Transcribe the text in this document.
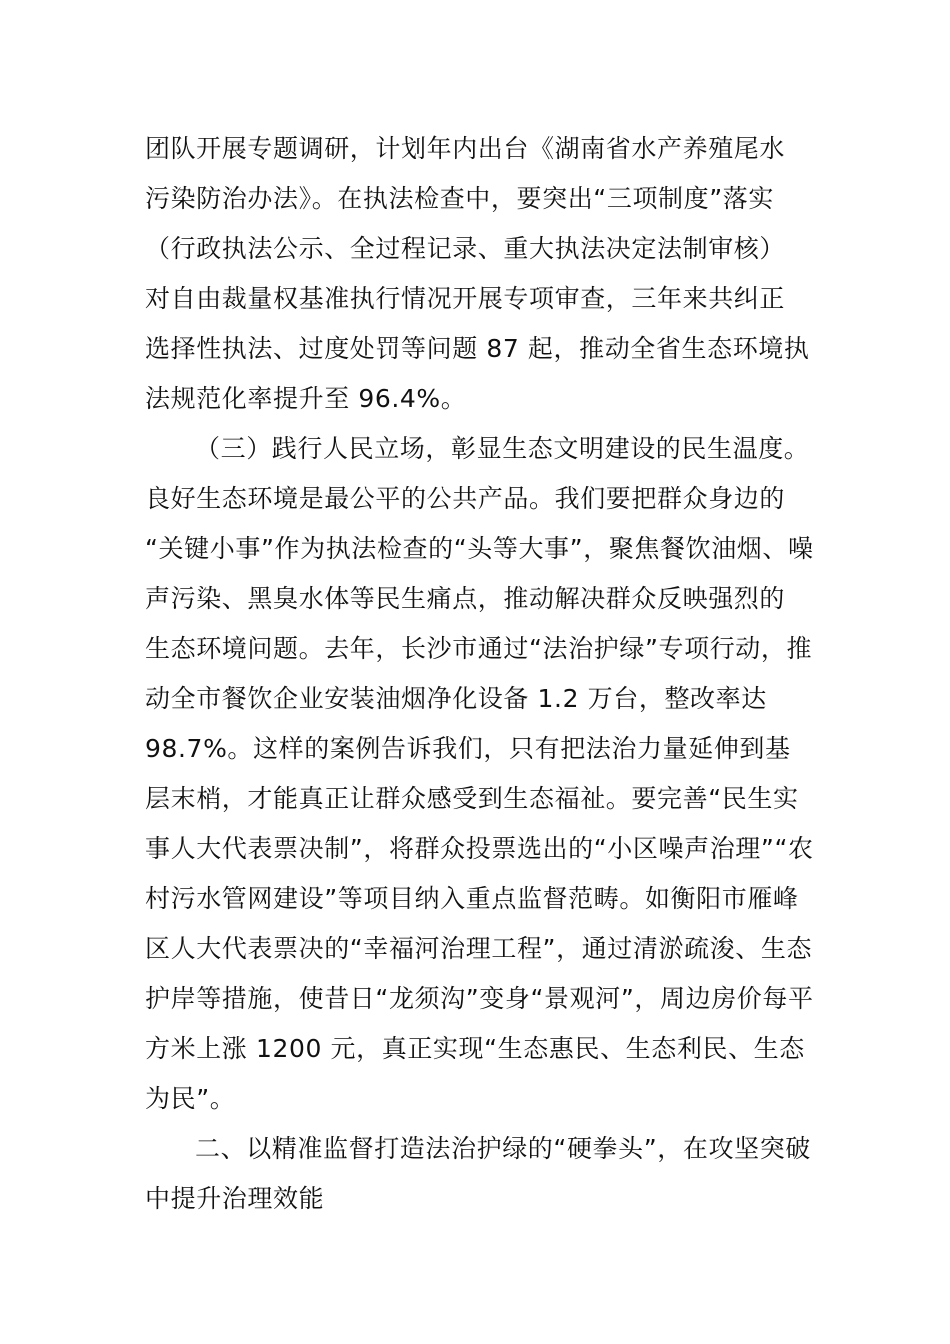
团队开展专题调研，计划年内出台《湖南省水产养殖尾水
污染防治办法》。在执法检查中，要突出“三项制度”落实
（行政执法公示、全过程记录、重大执法决定法制审核）
对自由裁量权基准执行情况开展专项审查，三年来共纠正
选择性执法、过度处罚等问题 87 起，推动全省生态环境执
法规范化率提升至 96.4%。
（三）践行人民立场，彰显生态文明建设的民生温度。
良好生态环境是最公平的公共产品。我们要把群众身边的
“关键小事”作为执法检查的“头等大事”，聚焦餐饮油烟、噪
声污染、黑臭水体等民生痛点，推动解决群众反映强烈的
生态环境问题。去年，长沙市通过“法治护绿”专项行动，推
动全市餐饮企业安装油烟净化设备 1.2 万台，整改率达
98.7%。这样的案例告诉我们，只有把法治力量延伸到基
层末梢，才能真正让群众感受到生态福祉。要完善“民生实
事人大代表票决制”，将群众投票选出的“小区噪声治理”“农
村污水管网建设”等项目纳入重点监督范畴。如衡阳市雁峰
区人大代表票决的“幸福河治理工程”，通过清淤疏浚、生态
护岸等措施，使昔日“龙须沟”变身“景观河”，周边房价每平
方米上涨 1200 元，真正实现“生态惠民、生态利民、生态
为民”。
二、以精准监督打造法治护绿的“硬拳头”，在攻坚突破
中提升治理效能
